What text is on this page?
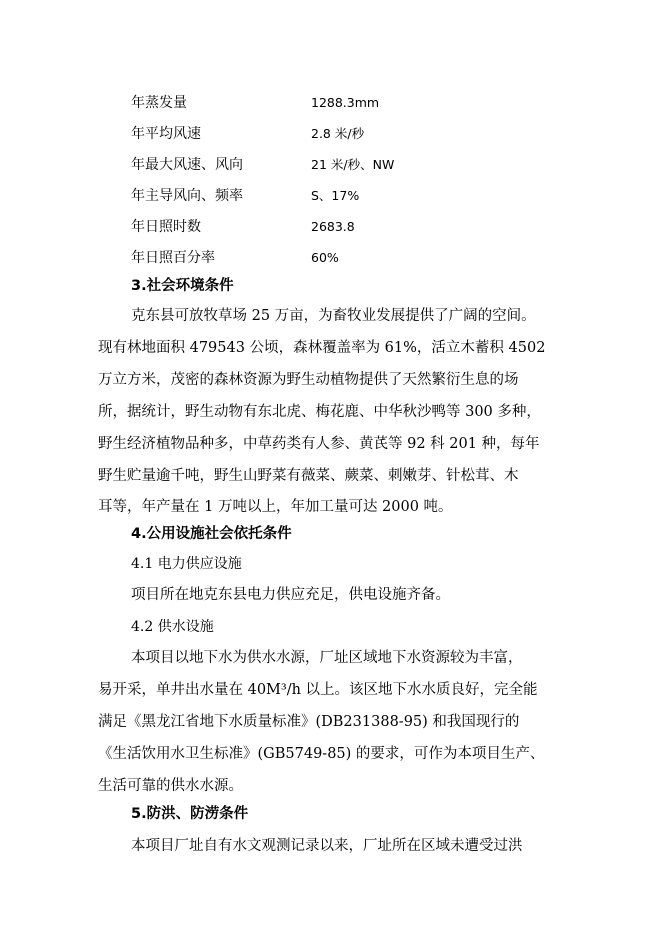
年蒸发量	1288.3mm
年平均风速	2.8 米/秒
年最大风速、风向	21 米/秒、NW
年主导风向、频率	S、17%
年日照时数	2683.8
年日照百分率	60%
3.社会环境条件
克东县可放牧草场 25 万亩，为畜牧业发展提供了广阔的空间。
现有林地面积 479543 公顷，森林覆盖率为 61%，活立木蓄积 4502
万立方米，茂密的森林资源为野生动植物提供了天然繁衍生息的场
所，据统计，野生动物有东北虎、梅花鹿、中华秋沙鸭等 300 多种，
野生经济植物品种多，中草药类有人参、黄芪等 92 科 201 种，每年
野生贮量逾千吨，野生山野菜有薇菜、蕨菜、刺嫩芽、针松茸、木
耳等，年产量在 1 万吨以上，年加工量可达 2000 吨。
4.公用设施社会依托条件
4.1 电力供应设施
项目所在地克东县电力供应充足，供电设施齐备。
4.2 供水设施
本项目以地下水为供水水源，厂址区域地下水资源较为丰富，
易开采，单井出水量在 40M³/h 以上。该区地下水水质良好，完全能
满足《黑龙江省地下水质量标准》(DB231388-95) 和我国现行的
《生活饮用水卫生标准》(GB5749-85) 的要求，可作为本项目生产、
生活可靠的供水水源。
5.防洪、防涝条件
本项目厂址自有水文观测记录以来，厂址所在区域未遭受过洪
